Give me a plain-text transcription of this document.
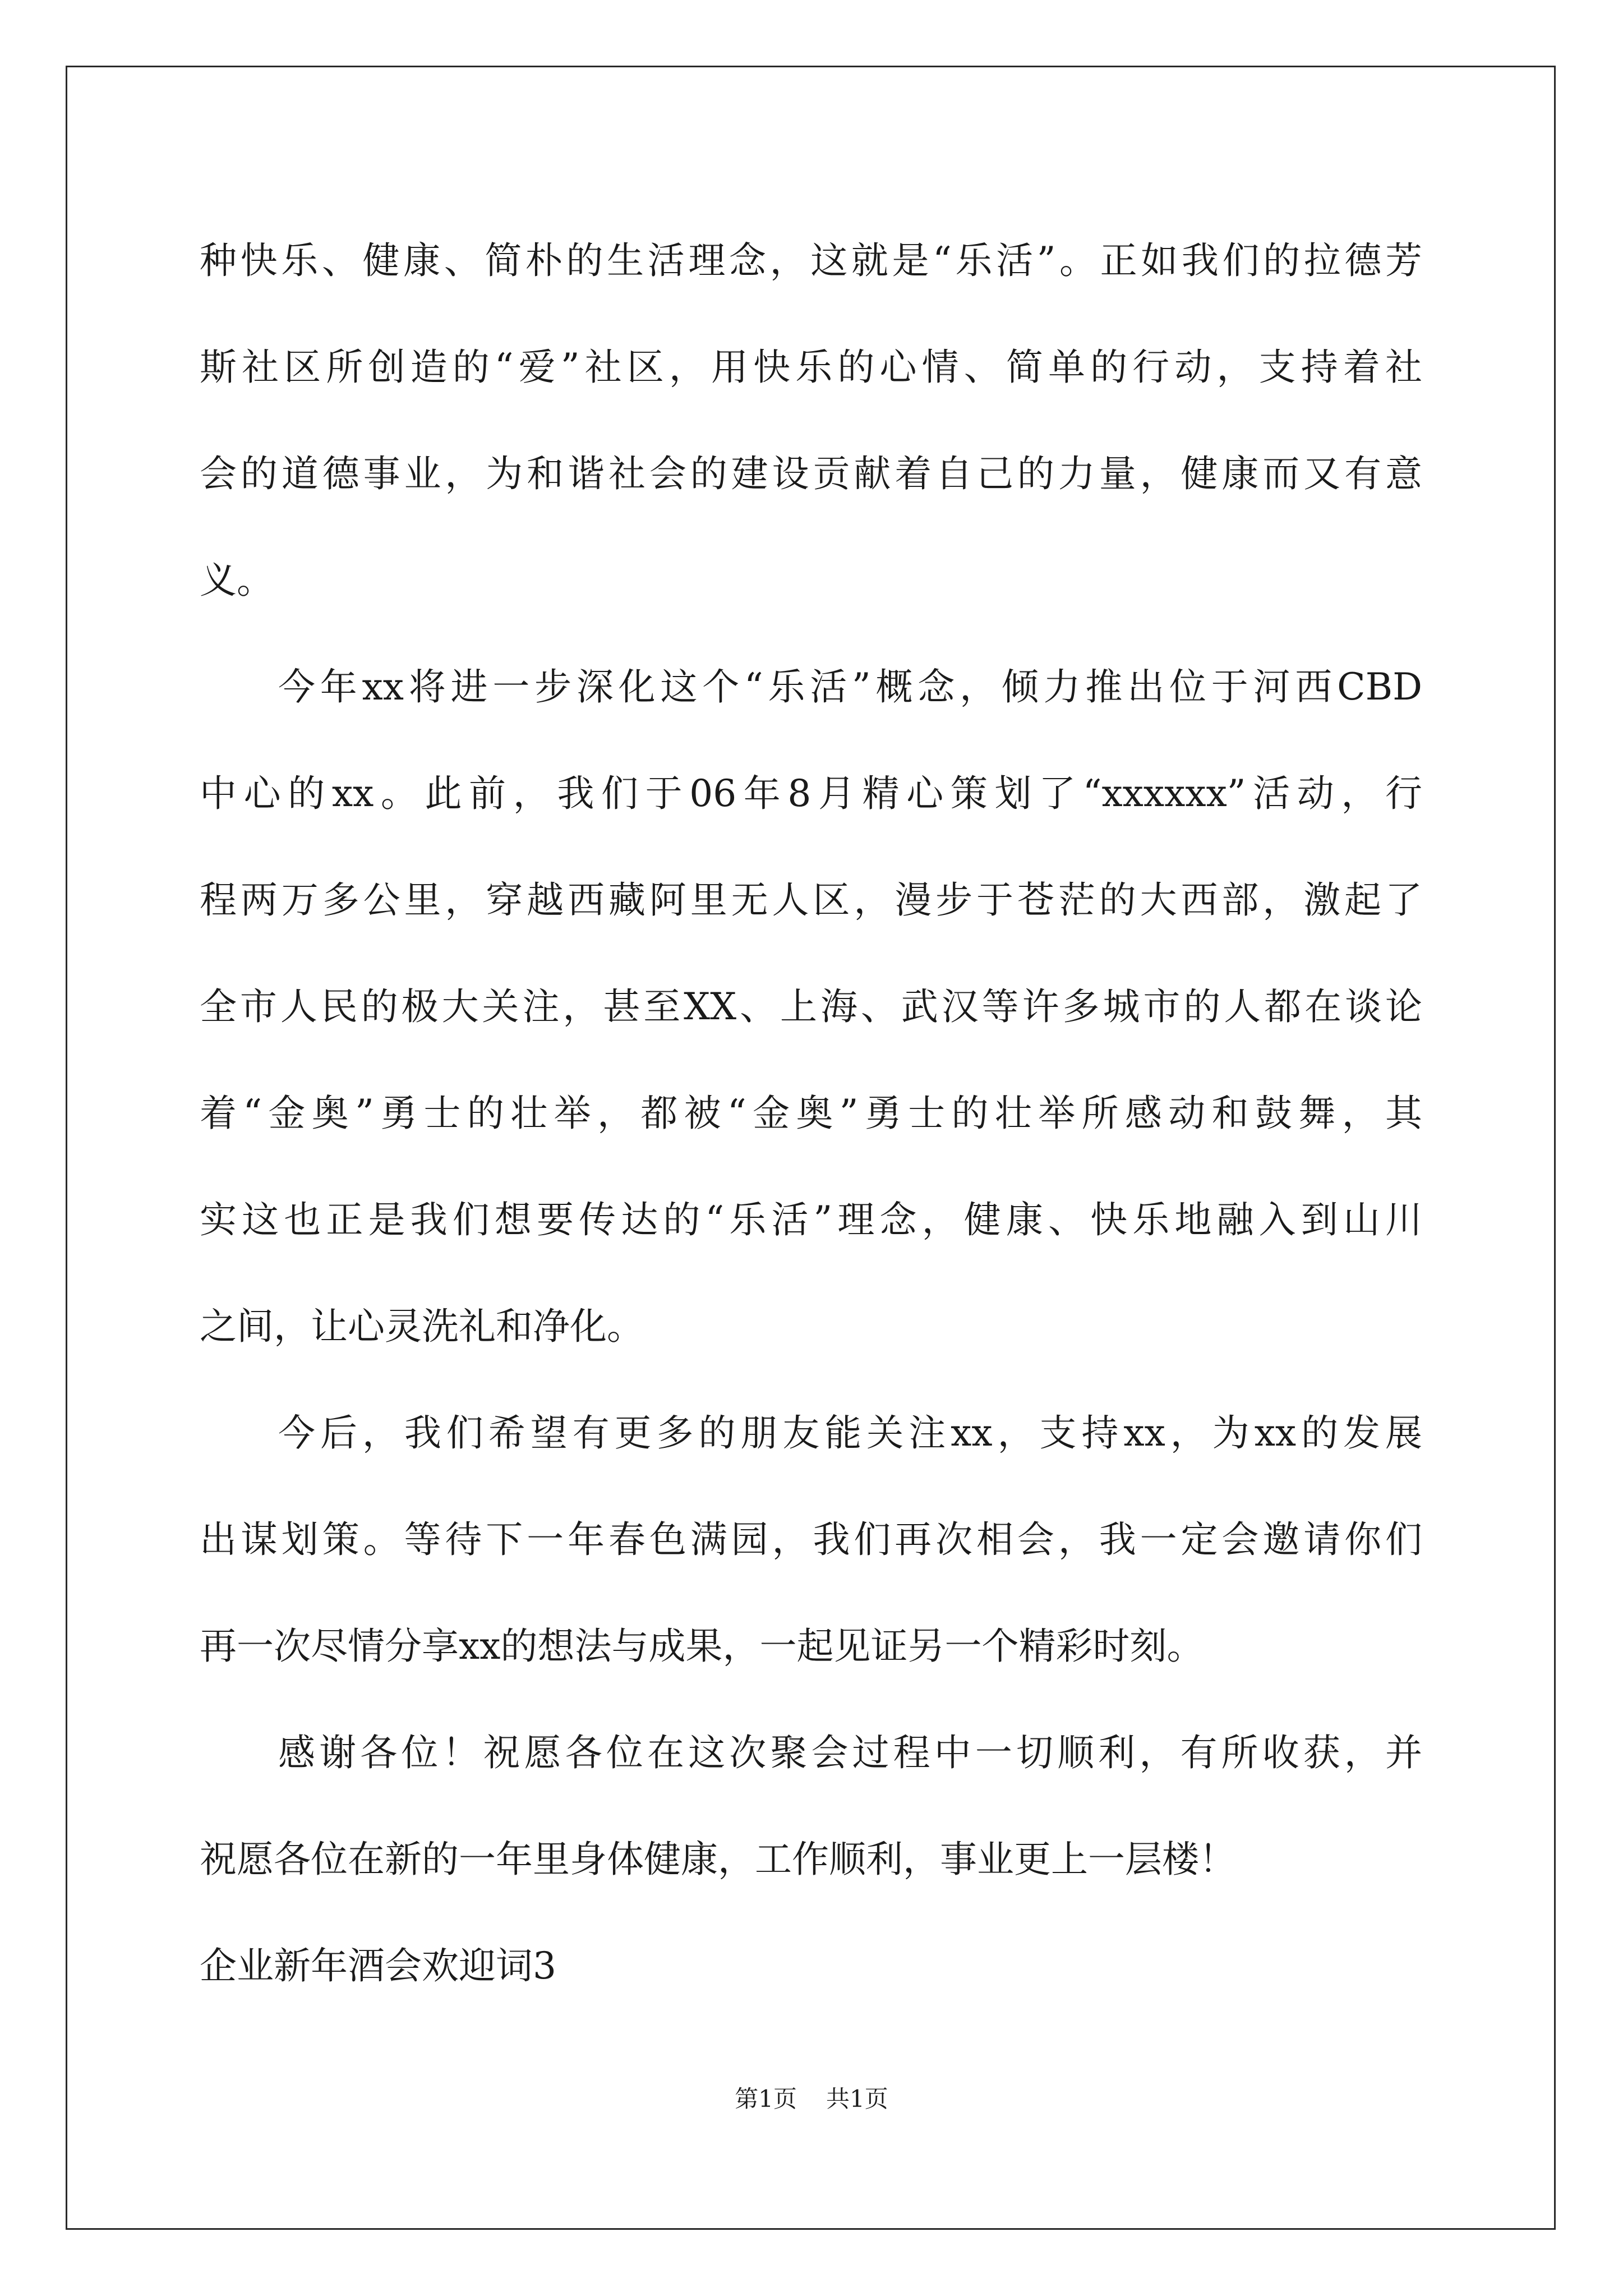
种快乐、健康、简朴的生活理念，这就是“乐活”。正如我们的拉德芳
斯社区所创造的“爱”社区，用快乐的心情、简单的行动，支持着社
会的道德事业，为和谐社会的建设贡献着自己的力量，健康而又有意
义。
今年xx将进一步深化这个“乐活”概念，倾力推出位于河西CBD
中心的xx。此前，我们于06年8月精心策划了“xxxxxx”活动，行
程两万多公里，穿越西藏阿里无人区，漫步于苍茫的大西部，激起了
全市人民的极大关注，甚至XX、上海、武汉等许多城市的人都在谈论
着“金奥”勇士的壮举，都被“金奥”勇士的壮举所感动和鼓舞，其
实这也正是我们想要传达的“乐活”理念，健康、快乐地融入到山川
之间，让心灵洗礼和净化。
今后，我们希望有更多的朋友能关注xx，支持xx，为xx的发展
出谋划策。等待下一年春色满园，我们再次相会，我一定会邀请你们
再一次尽情分享xx的想法与成果，一起见证另一个精彩时刻。
感谢各位！祝愿各位在这次聚会过程中一切顺利，有所收获，并
祝愿各位在新的一年里身体健康，工作顺利，事业更上一层楼！
企业新年酒会欢迎词3
第1页 共1页
